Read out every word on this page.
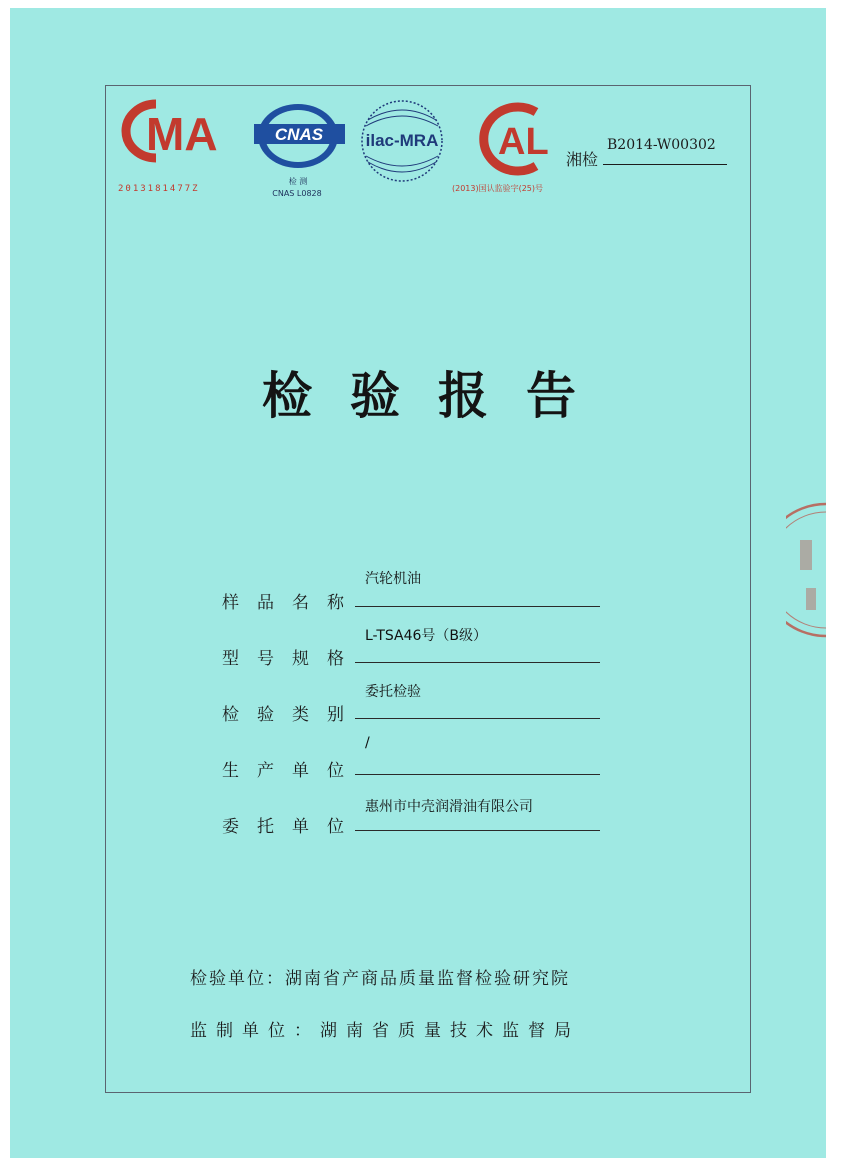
MA
2013181477Z
CNAS
检 测
CNAS L0828
ilac-MRA AL
(2013)国认监验字(25)号
湘检
B2014-W00302
检验报告
样品名称
汽轮机油
型号规格
L-TSA46号（B级）
检验类别
委托检验
生产单位
/
委托单位
惠州市中壳润滑油有限公司
检验单位：湖南省产商品质量监督检验研究院
监制单位：湖南省质量技术监督局
